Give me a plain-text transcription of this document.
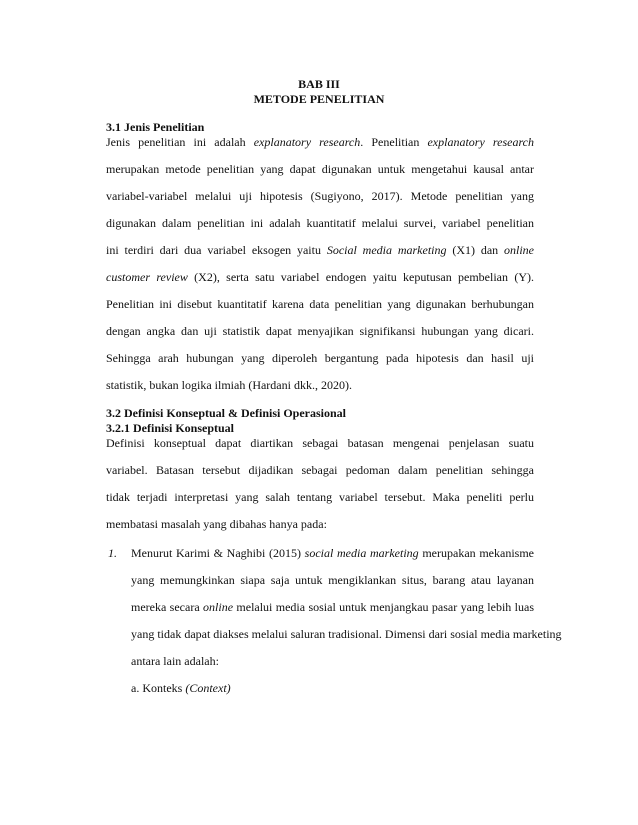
BAB III
METODE PENELITIAN
3.1 Jenis Penelitian
Jenis penelitian ini adalah explanatory research. Penelitian explanatory research
merupakan metode penelitian yang dapat digunakan untuk mengetahui kausal antar
variabel-variabel melalui uji hipotesis (Sugiyono, 2017). Metode penelitian yang
digunakan dalam penelitian ini adalah kuantitatif melalui survei, variabel penelitian
ini terdiri dari dua variabel eksogen yaitu Social media marketing (X1) dan online
customer review (X2), serta satu variabel endogen yaitu keputusan pembelian (Y).
Penelitian ini disebut kuantitatif karena data penelitian yang digunakan berhubungan
dengan angka dan uji statistik dapat menyajikan signifikansi hubungan yang dicari.
Sehingga arah hubungan yang diperoleh bergantung pada hipotesis dan hasil uji
statistik, bukan logika ilmiah (Hardani dkk., 2020).
3.2 Definisi Konseptual & Definisi Operasional
3.2.1 Definisi Konseptual
Definisi konseptual dapat diartikan sebagai batasan mengenai penjelasan suatu
variabel. Batasan tersebut dijadikan sebagai pedoman dalam penelitian sehingga
tidak terjadi interpretasi yang salah tentang variabel tersebut. Maka peneliti perlu
membatasi masalah yang dibahas hanya pada:
1. Menurut Karimi & Naghibi (2015) social media marketing merupakan mekanisme
yang memungkinkan siapa saja untuk mengiklankan situs, barang atau layanan
mereka secara online melalui media sosial untuk menjangkau pasar yang lebih luas
yang tidak dapat diakses melalui saluran tradisional. Dimensi dari sosial media marketing
antara lain adalah:
a. Konteks (Context)
